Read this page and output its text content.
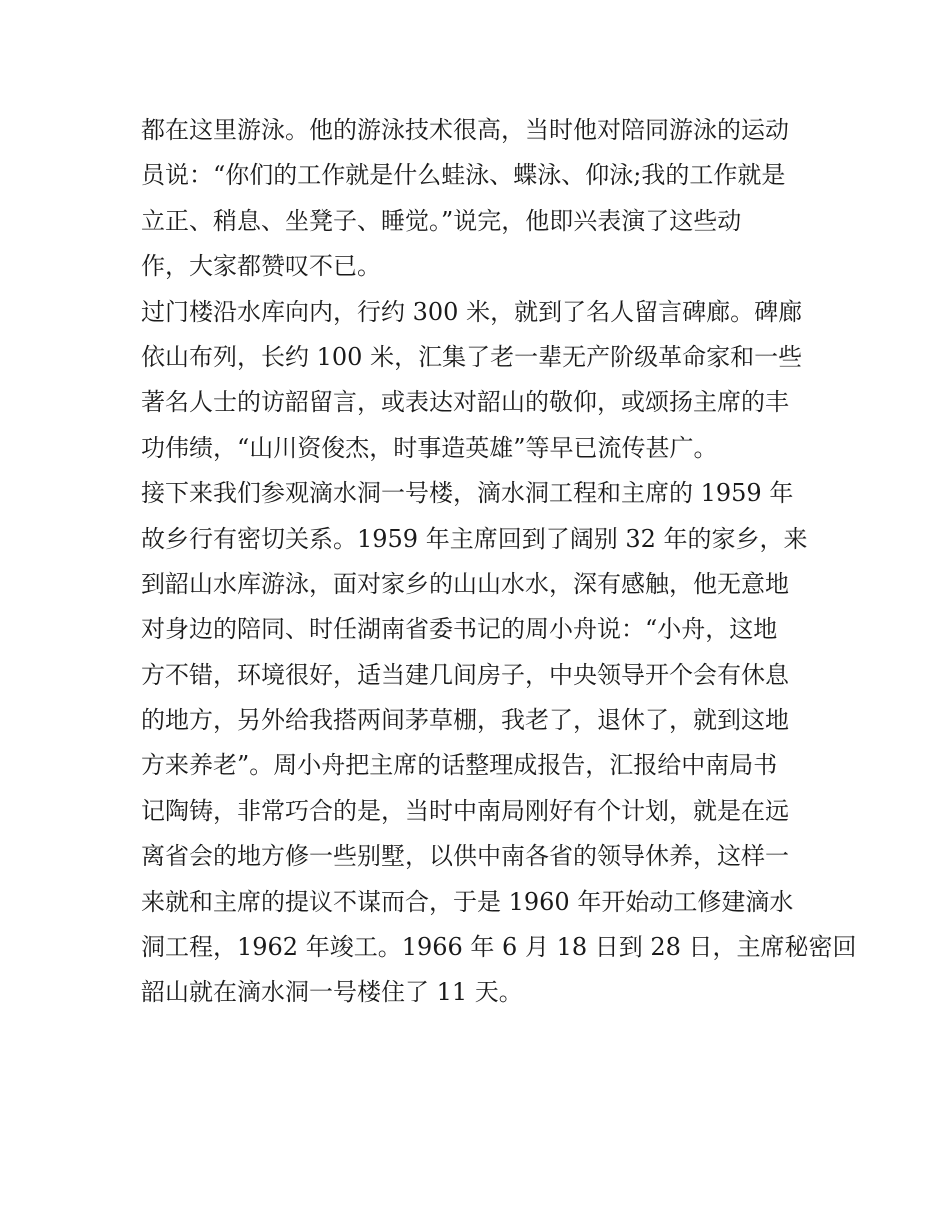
都在这里游泳。他的游泳技术很高，当时他对陪同游泳的运动
员说：“你们的工作就是什么蛙泳、蝶泳、仰泳;我的工作就是
立正、稍息、坐凳子、睡觉。”说完，他即兴表演了这些动
作，大家都赞叹不已。
过门楼沿水库向内，行约 300 米，就到了名人留言碑廊。碑廊
依山布列，长约 100 米，汇集了老一辈无产阶级革命家和一些
著名人士的访韶留言，或表达对韶山的敬仰，或颂扬主席的丰
功伟绩，“山川资俊杰，时事造英雄”等早已流传甚广。
接下来我们参观滴水洞一号楼，滴水洞工程和主席的 1959 年
故乡行有密切关系。1959 年主席回到了阔别 32 年的家乡，来
到韶山水库游泳，面对家乡的山山水水，深有感触，他无意地
对身边的陪同、时任湖南省委书记的周小舟说：“小舟，这地
方不错，环境很好，适当建几间房子，中央领导开个会有休息
的地方，另外给我搭两间茅草棚，我老了，退休了，就到这地
方来养老”。周小舟把主席的话整理成报告，汇报给中南局书
记陶铸，非常巧合的是，当时中南局刚好有个计划，就是在远
离省会的地方修一些别墅，以供中南各省的领导休养，这样一
来就和主席的提议不谋而合，于是 1960 年开始动工修建滴水
洞工程，1962 年竣工。1966 年 6 月 18 日到 28 日，主席秘密回
韶山就在滴水洞一号楼住了 11 天。
